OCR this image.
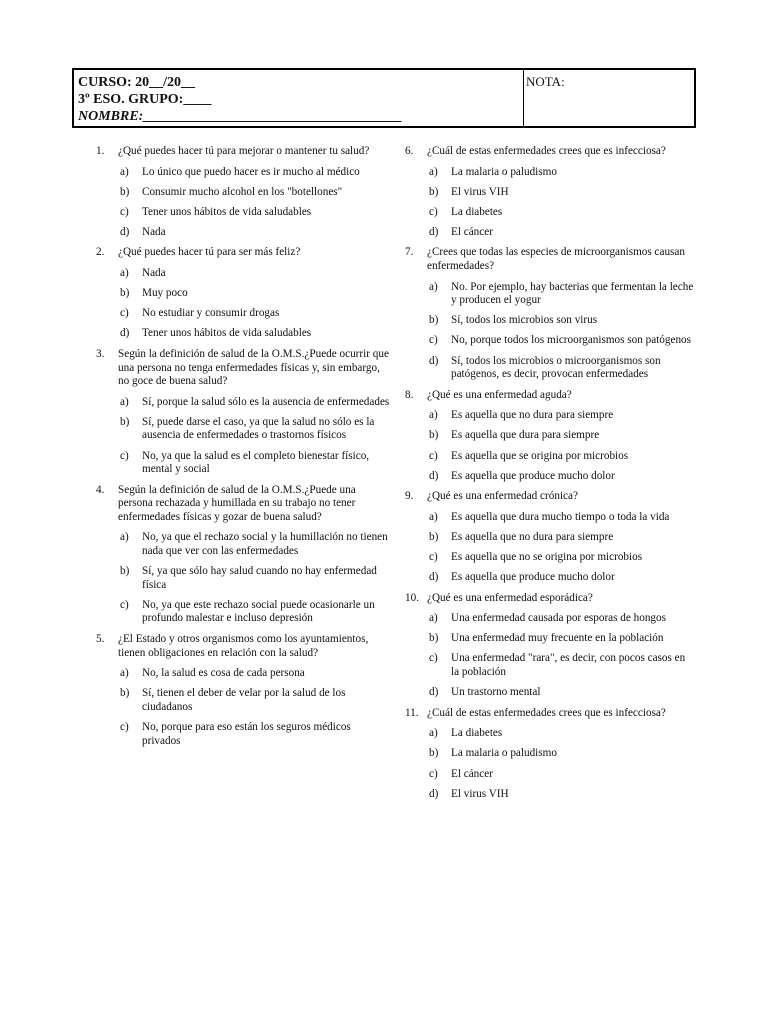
CURSO: 20__/20__
3º ESO. GRUPO:____
NOMBRE:_____________________________________
NOTA:
1.	¿Qué puedes hacer tú para mejorar o mantener tu salud?
a)	Lo único que puedo hacer es ir mucho al médico
b)	Consumir mucho alcohol en los "botellones"
c)	Tener unos hábitos de vida saludables
d)	Nada
2.	¿Qué puedes hacer tú para ser más feliz?
a)	Nada
b)	Muy poco
c)	No estudiar y consumir drogas
d)	Tener unos hábitos de vida saludables
3.	Según la definición de salud de la O.M.S.¿Puede ocurrir que una persona no tenga enfermedades físicas y, sin embargo, no goce de buena salud?
a)	Sí, porque la salud sólo es la ausencia de enfermedades
b)	Sí, puede darse el caso, ya que la salud no sólo es la ausencia de enfermedades o trastornos físicos
c)	No, ya que la salud es el completo bienestar físico, mental y social
4.	Según la definición de salud de la O.M.S.¿Puede una persona rechazada y humillada en su trabajo no tener enfermedades físicas y gozar de buena salud?
a)	No, ya que el rechazo social y la humillación no tienen nada que ver con las enfermedades
b)	Sí, ya que sólo hay salud cuando no hay enfermedad física
c)	No, ya que este rechazo social puede ocasionarle un profundo malestar e incluso depresión
5.	¿El Estado y otros organismos como los ayuntamientos, tienen obligaciones en relación con la salud?
a)	No, la salud es cosa de cada persona
b)	Sí, tienen el deber de velar por la salud de los ciudadanos
c)	No, porque para eso están los seguros médicos privados
6.	¿Cuál de estas enfermedades crees que es infecciosa?
a)	La malaria o paludismo
b)	El virus VIH
c)	La diabetes
d)	El cáncer
7.	¿Crees que todas las especies de microorganismos causan enfermedades?
a)	No. Por ejemplo, hay bacterias que fermentan la leche y producen el yogur
b)	Sí, todos los microbios son virus
c)	No, porque todos los microorganismos son patógenos
d)	Sí, todos los microbios o microorganismos son patógenos, es decir, provocan enfermedades
8.	¿Qué es una enfermedad aguda?
a)	Es aquella que no dura para siempre
b)	Es aquella que dura para siempre
c)	Es aquella que se origina por microbios
d)	Es aquella que produce mucho dolor
9.	¿Qué es una enfermedad crónica?
a)	Es aquella que dura mucho tiempo o toda la vida
b)	Es aquella que no dura para siempre
c)	Es aquella que no se origina por microbios
d)	Es aquella que produce mucho dolor
10. ¿Qué es una enfermedad esporádica?
a)	Una enfermedad causada por esporas de hongos
b)	Una enfermedad muy frecuente en la población
c)	Una enfermedad "rara", es decir, con pocos casos en la población
d)	Un trastorno mental
11. ¿Cuál de estas enfermedades crees que es infecciosa?
a)	La diabetes
b)	La malaria o paludismo
c)	El cáncer
d)	El virus VIH
